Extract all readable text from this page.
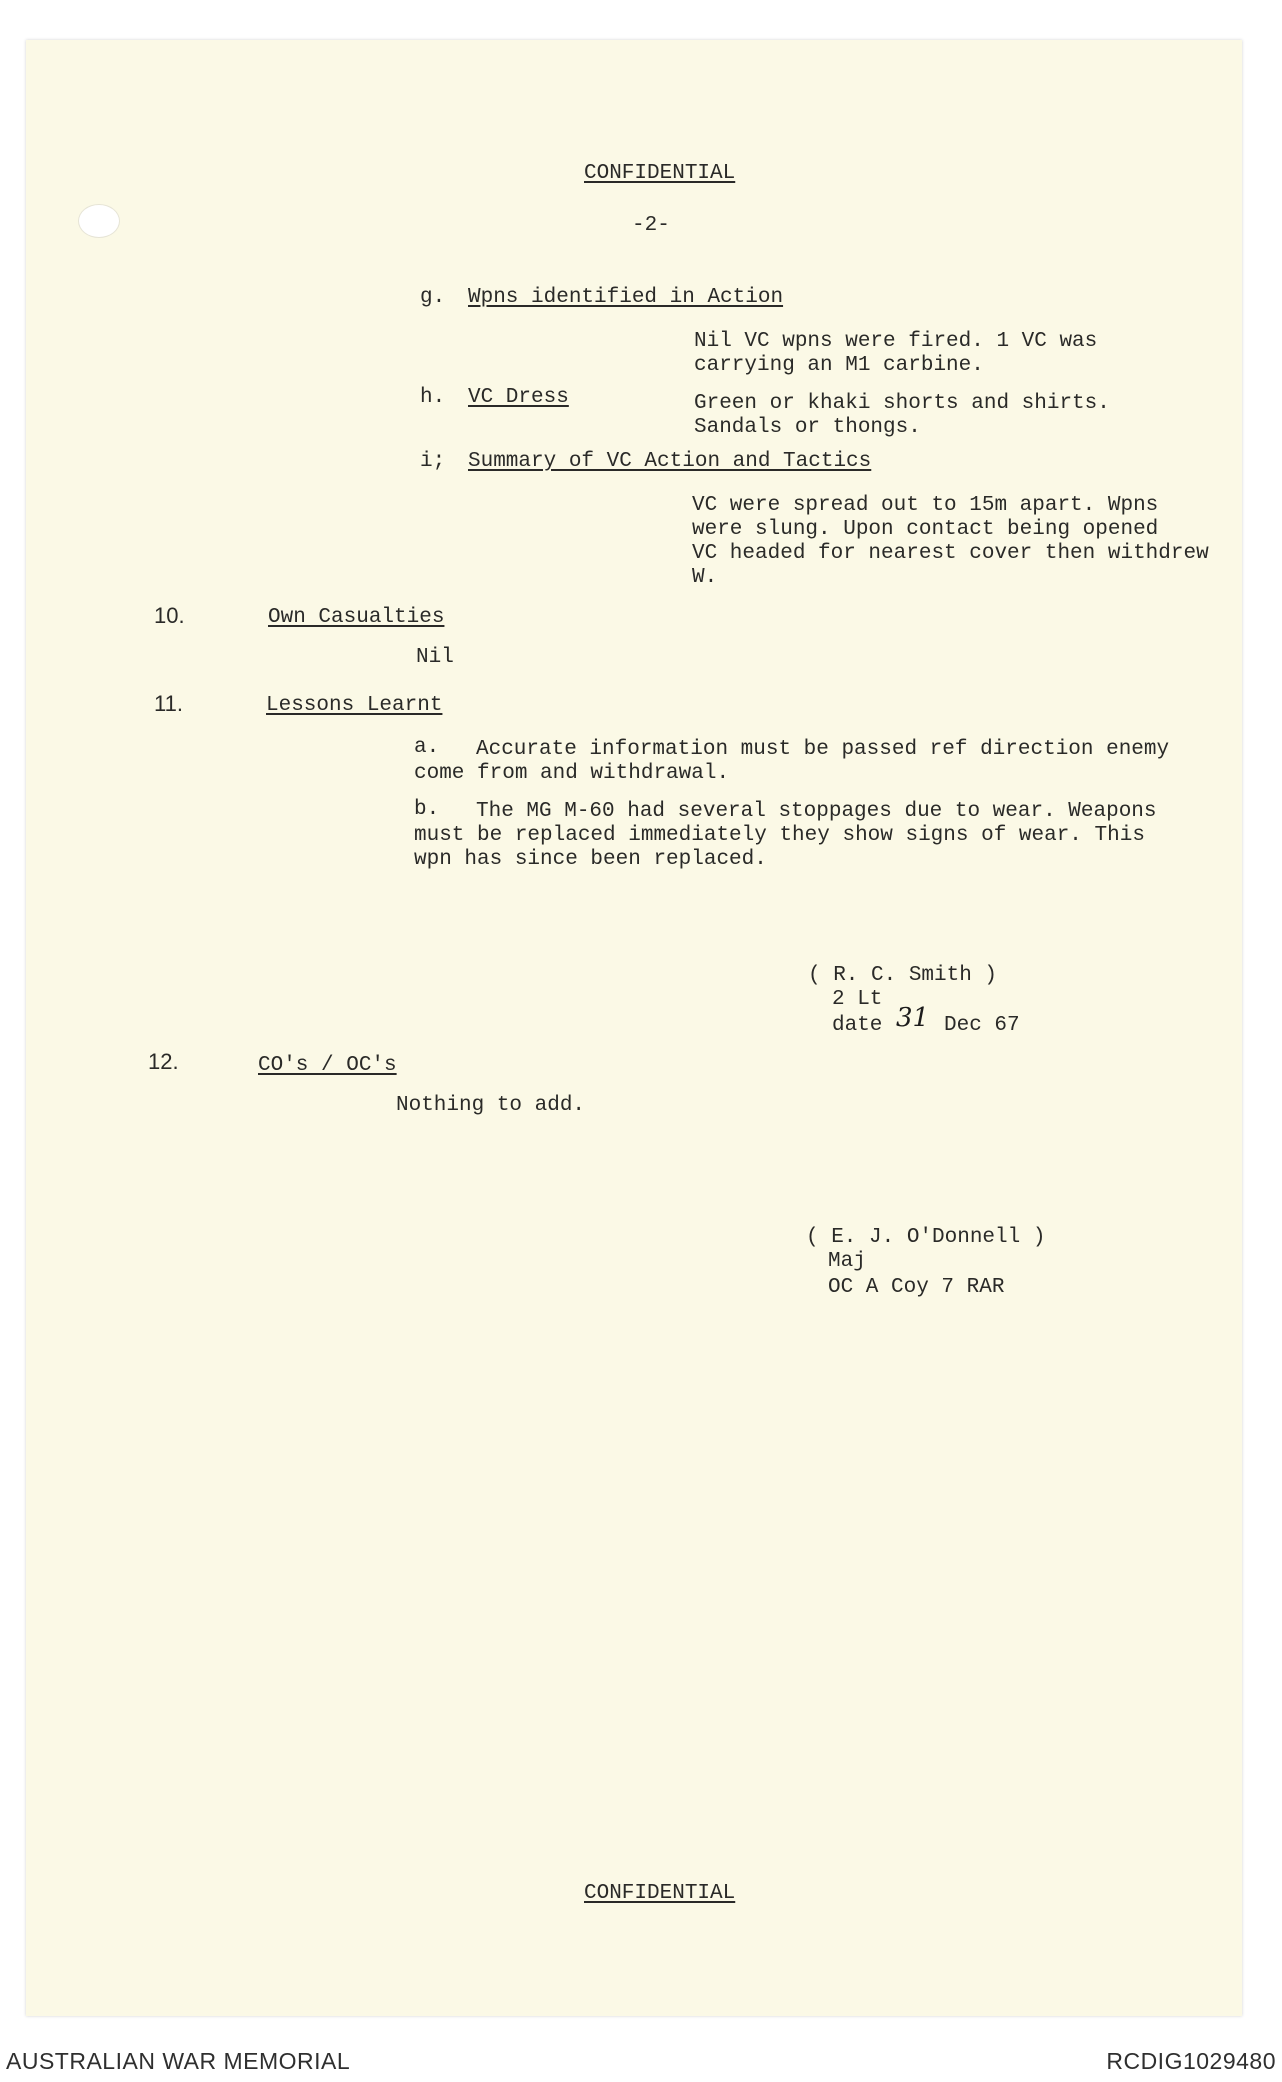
CONFIDENTIAL
-2-
g. Wpns identified in Action
Nil VC wpns were fired. 1 VC was
carrying an M1 carbine.
h. VC Dress	Green or khaki shorts and shirts.
Sandals or thongs.
i; Summary of VC Action and Tactics
VC were spread out to 15m apart. Wpns
were slung. Upon contact being opened
VC headed for nearest cover then withdrew
W.
10.	Own Casualties
Nil
11.	Lessons Learnt
a. Accurate information must be passed ref direction enemy
come from and withdrawal.
b. The MG M-60 had several stoppages due to wear. Weapons
must be replaced immediately they show signs of wear. This
wpn has since been replaced.
( R. C. Smith )
2 Lt
date 31 Dec 67
12.	CO's / OC's
Nothing to add.
( E. J. O'Donnell )
Maj
OC A Coy 7 RAR
CONFIDENTIAL
AUSTRALIAN WAR MEMORIAL	RCDIG1029480
